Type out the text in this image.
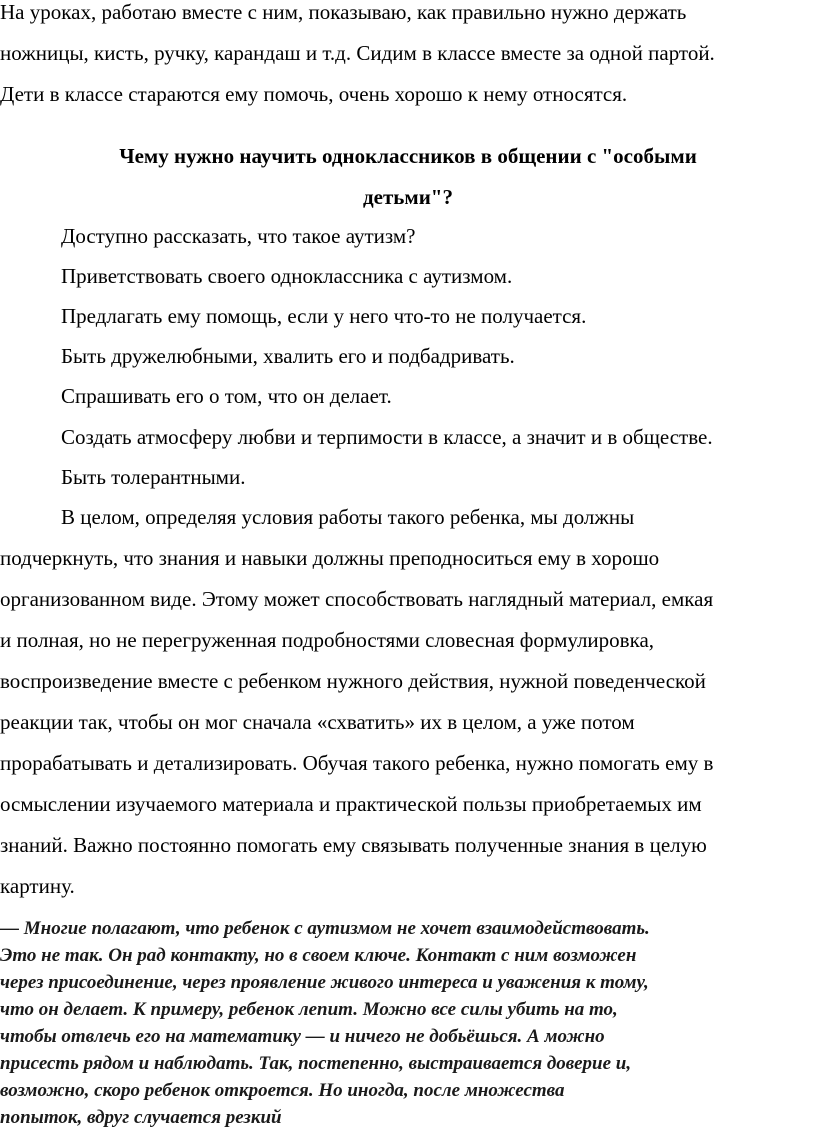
На уроках, работаю вместе с ним, показываю, как правильно нужно держать
ножницы, кисть, ручку, карандаш и т.д. Сидим в классе вместе за одной партой.
Дети в классе стараются ему помочь, очень хорошо к нему относятся.
Чему нужно научить одноклассников в общении с "особыми
детьми"?
Доступно рассказать, что такое аутизм?
Приветствовать своего одноклассника с аутизмом.
Предлагать ему помощь, если у него что-то не получается.
Быть дружелюбными, хвалить его и подбадривать.
Спрашивать его о том, что он делает.
Создать атмосферу любви и терпимости в классе, а значит и в обществе.
Быть толерантными.
В целом, определяя условия работы такого ребенка, мы должны
подчеркнуть, что знания и навыки должны преподноситься ему в хорошо
организованном виде. Этому может способствовать наглядный материал, емкая
и полная, но не перегруженная подробностями словесная формулировка,
воспроизведение вместе с ребенком нужного действия, нужной поведенческой
реакции так, чтобы он мог сначала «схватить» их в целом, а уже потом
прорабатывать и детализировать. Обучая такого ребенка, нужно помогать ему в
осмыслении изучаемого материала и практической пользы приобретаемых им
знаний. Важно постоянно помогать ему связывать полученные знания в целую
картину.
— Многие полагают, что ребенок с аутизмом не хочет взаимодействовать.
Это не так. Он рад контакту, но в своем ключе. Контакт с ним возможен
через присоединение, через проявление живого интереса и уважения к тому,
что он делает. К примеру, ребенок лепит. Можно все силы убить на то,
чтобы отвлечь его на математику — и ничего не добьёшься. А можно
присесть рядом и наблюдать. Так, постепенно, выстраивается доверие и,
возможно, скоро ребенок откроется. Но иногда, после множества
попыток, вдруг случается резкий
